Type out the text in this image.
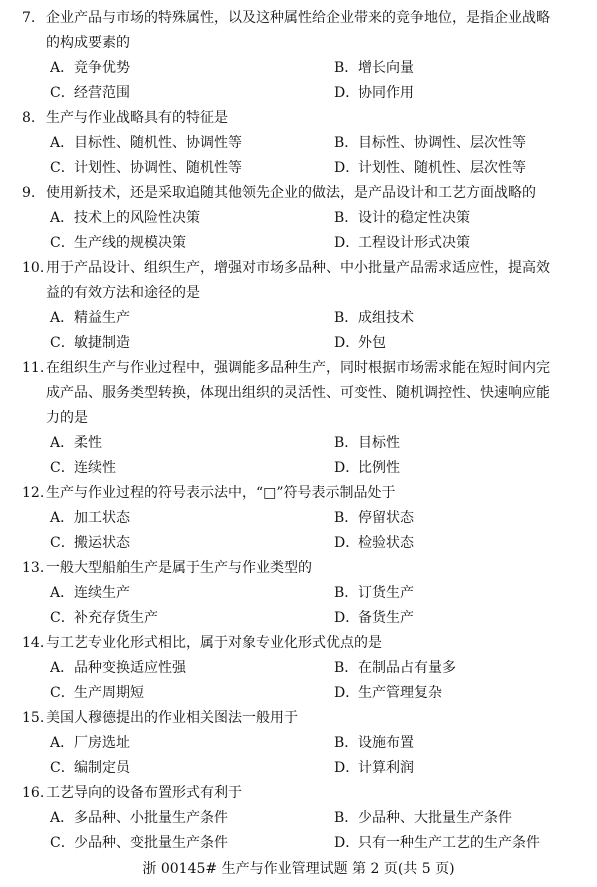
7. 企业产品与市场的特殊属性，以及这种属性给企业带来的竞争地位，是指企业战略
的构成要素的
A．竞争优势	B．增长向量
C．经营范围	D．协同作用
8. 生产与作业战略具有的特征是
A．目标性、随机性、协调性等	B．目标性、协调性、层次性等
C．计划性、协调性、随机性等	D．计划性、随机性、层次性等
9. 使用新技术，还是采取追随其他领先企业的做法，是产品设计和工艺方面战略的
A．技术上的风险性决策	B．设计的稳定性决策
C．生产线的规模决策	D．工程设计形式决策
10. 用于产品设计、组织生产，增强对市场多品种、中小批量产品需求适应性，提高效
益的有效方法和途径的是
A．精益生产	B．成组技术
C．敏捷制造	D．外包
11. 在组织生产与作业过程中，强调能多品种生产，同时根据市场需求能在短时间内完
成产品、服务类型转换，体现出组织的灵活性、可变性、随机调控性、快速响应能
力的是
A．柔性	B．目标性
C．连续性	D．比例性
12. 生产与作业过程的符号表示法中，“□”符号表示制品处于
A．加工状态	B．停留状态
C．搬运状态	D．检验状态
13. 一般大型船舶生产是属于生产与作业类型的
A．连续生产	B．订货生产
C．补充存货生产	D．备货生产
14. 与工艺专业化形式相比，属于对象专业化形式优点的是
A．品种变换适应性强	B．在制品占有量多
C．生产周期短	D．生产管理复杂
15. 美国人穆德提出的作业相关图法一般用于
A．厂房选址	B．设施布置
C．编制定员	D．计算利润
16. 工艺导向的设备布置形式有利于
A．多品种、小批量生产条件	B．少品种、大批量生产条件
C．少品种、变批量生产条件	D．只有一种生产工艺的生产条件
浙 00145# 生产与作业管理试题 第 2 页(共 5 页)
